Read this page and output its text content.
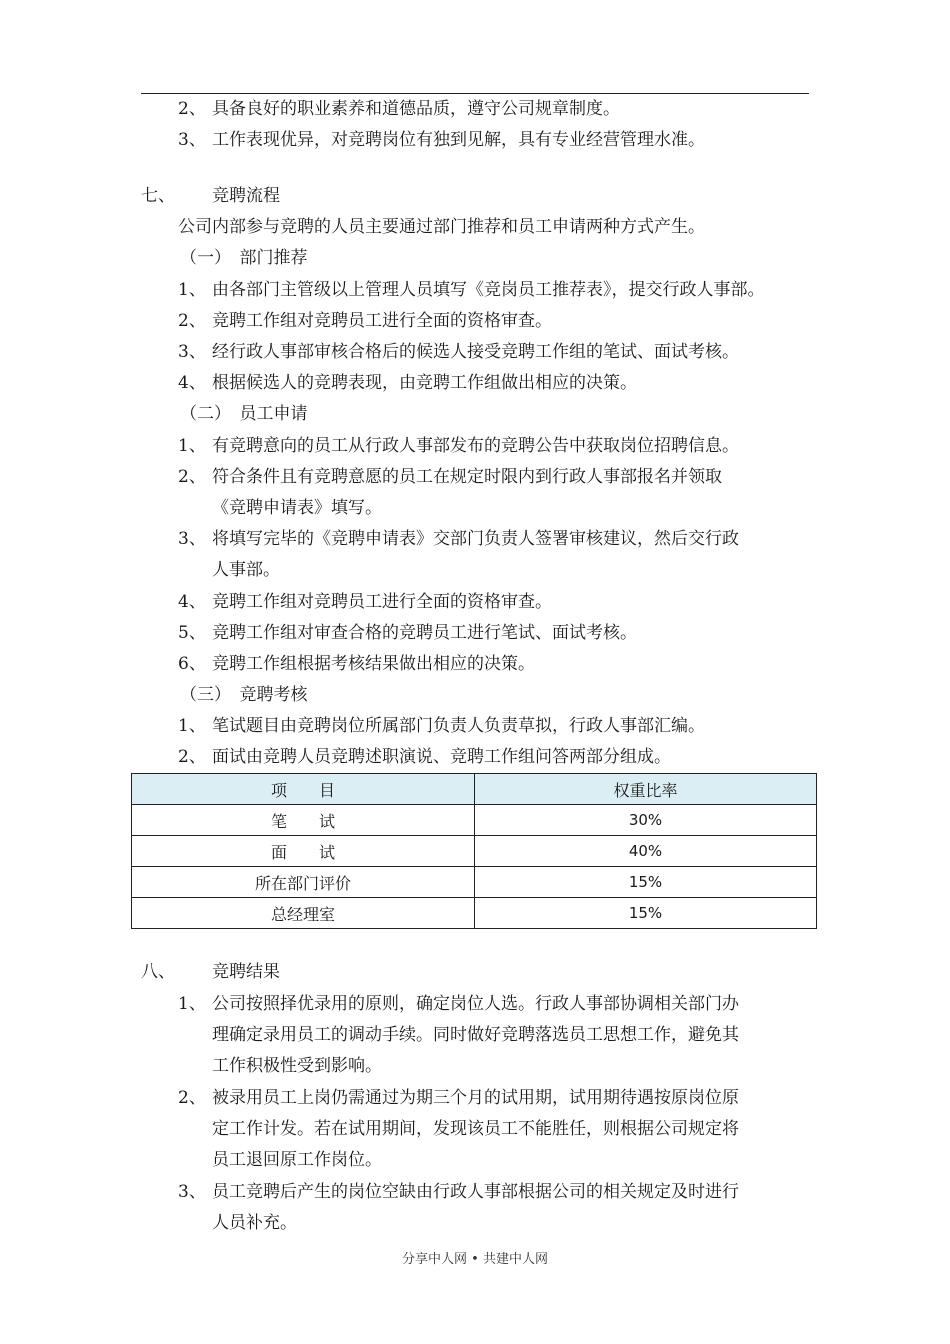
2、 具备良好的职业素养和道德品质，遵守公司规章制度。
3、 工作表现优异，对竞聘岗位有独到见解，具有专业经营管理水准。
七、 竞聘流程
公司内部参与竞聘的人员主要通过部门推荐和员工申请两种方式产生。
（一）　部门推荐
1、 由各部门主管级以上管理人员填写《竞岗员工推荐表》，提交行政人事部。
2、 竞聘工作组对竞聘员工进行全面的资格审查。
3、 经行政人事部审核合格后的候选人接受竞聘工作组的笔试、面试考核。
4、 根据候选人的竞聘表现，由竞聘工作组做出相应的决策。
（二）　员工申请
1、 有竞聘意向的员工从行政人事部发布的竞聘公告中获取岗位招聘信息。
2、 符合条件且有竞聘意愿的员工在规定时限内到行政人事部报名并领取
《竞聘申请表》填写。
3、 将填写完毕的《竞聘申请表》交部门负责人签署审核建议，然后交行政
人事部。
4、 竞聘工作组对竞聘员工进行全面的资格审查。
5、 竞聘工作组对审查合格的竞聘员工进行笔试、面试考核。
6、 竞聘工作组根据考核结果做出相应的决策。
（三）　竞聘考核
1、 笔试题目由竞聘岗位所属部门负责人负责草拟，行政人事部汇编。
2、 面试由竞聘人员竞聘述职演说、竞聘工作组问答两部分组成。
项　　目	权重比率
笔　　试	30%
面　　试	40%
所在部门评价	15%
总经理室	15%
八、 竞聘结果
1、 公司按照择优录用的原则，确定岗位人选。行政人事部协调相关部门办
理确定录用员工的调动手续。同时做好竞聘落选员工思想工作，避免其
工作积极性受到影响。
2、 被录用员工上岗仍需通过为期三个月的试用期，试用期待遇按原岗位原
定工作计发。若在试用期间，发现该员工不能胜任，则根据公司规定将
员工退回原工作岗位。
3、 员工竞聘后产生的岗位空缺由行政人事部根据公司的相关规定及时进行
人员补充。
分享中人网 • 共建中人网
